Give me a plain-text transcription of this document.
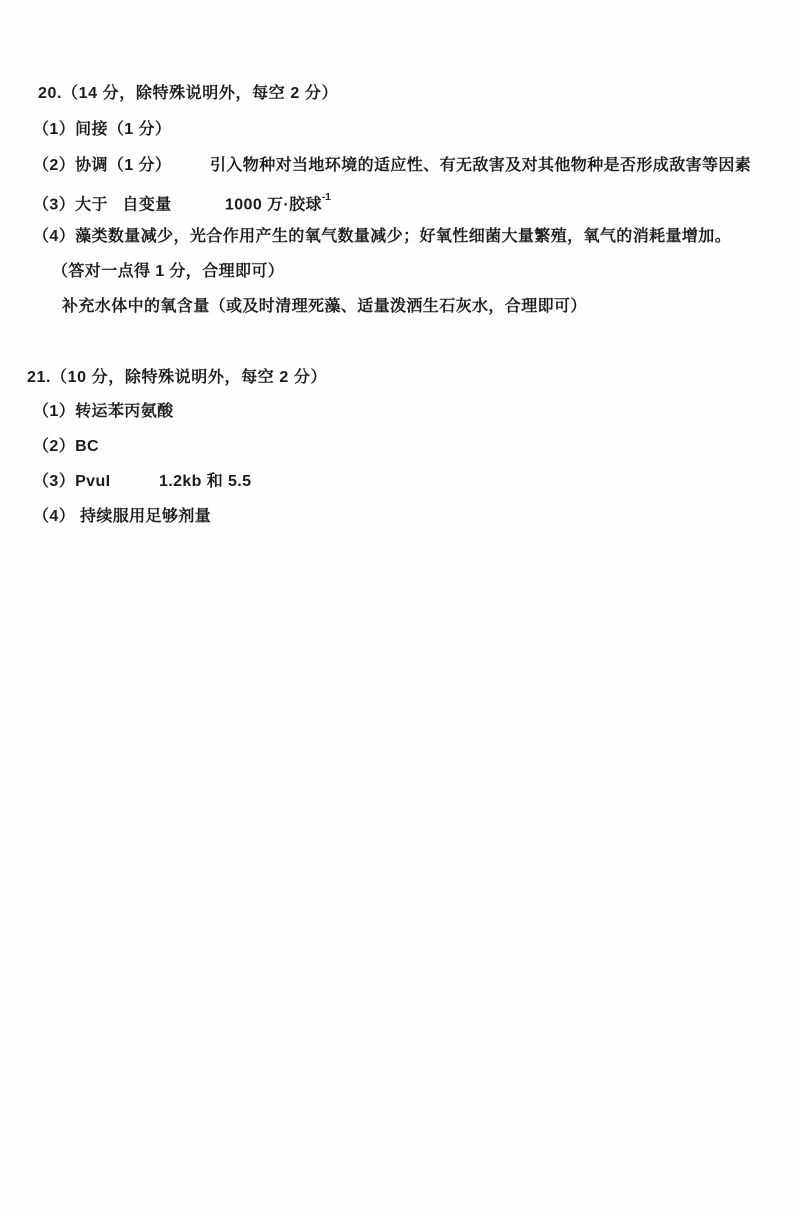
20.（14 分，除特殊说明外，每空 2 分）
（1）间接（1 分）
（2）协调（1 分）        引入物种对当地环境的适应性、有无敌害及对其他物种是否形成敌害等因素
（3）大于   自变量           1000 万·胶球$^{-1}$
（4）藻类数量减少，光合作用产生的氧气数量减少；好氧性细菌大量繁殖，氧气的消耗量增加。
（答对一点得 1 分，合理即可）
补充水体中的氧含量（或及时清理死藻、适量泼洒生石灰水，合理即可）
21.（10 分，除特殊说明外，每空 2 分）
（1）转运苯丙氨酸
（2）BC
（3）PvuI          1.2kb 和 5.5
（4） 持续服用足够剂量
